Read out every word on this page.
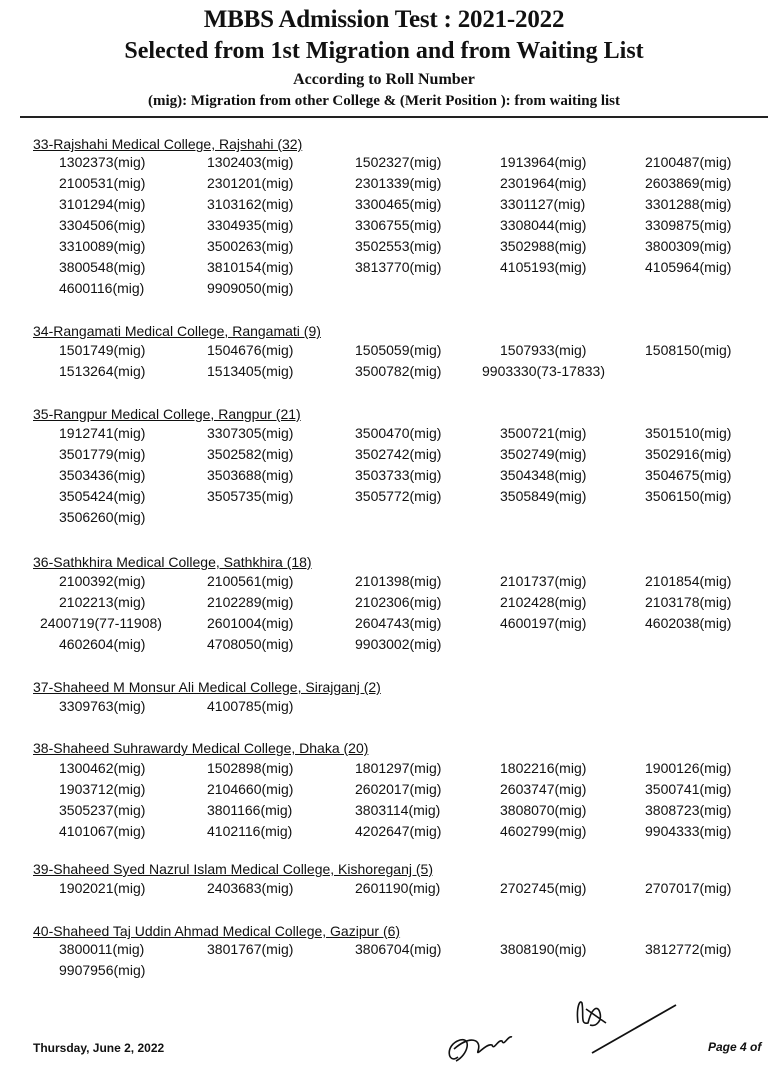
MBBS Admission Test : 2021-2022
Selected from 1st Migration and from Waiting List
According to Roll Number
(mig): Migration from other College & (Merit Position ): from waiting list
33-Rajshahi Medical College, Rajshahi (32)
1302373(mig)	1302403(mig)	1502327(mig)	1913964(mig)	2100487(mig)
2100531(mig)	2301201(mig)	2301339(mig)	2301964(mig)	2603869(mig)
3101294(mig)	3103162(mig)	3300465(mig)	3301127(mig)	3301288(mig)
3304506(mig)	3304935(mig)	3306755(mig)	3308044(mig)	3309875(mig)
3310089(mig)	3500263(mig)	3502553(mig)	3502988(mig)	3800309(mig)
3800548(mig)	3810154(mig)	3813770(mig)	4105193(mig)	4105964(mig)
4600116(mig)	9909050(mig)
34-Rangamati Medical College, Rangamati (9)
1501749(mig)	1504676(mig)	1505059(mig)	1507933(mig)	1508150(mig)
1513264(mig)	1513405(mig)	3500782(mig)	9903330(73-17833)
35-Rangpur Medical College, Rangpur (21)
1912741(mig)	3307305(mig)	3500470(mig)	3500721(mig)	3501510(mig)
3501779(mig)	3502582(mig)	3502742(mig)	3502749(mig)	3502916(mig)
3503436(mig)	3503688(mig)	3503733(mig)	3504348(mig)	3504675(mig)
3505424(mig)	3505735(mig)	3505772(mig)	3505849(mig)	3506150(mig)
3506260(mig)
36-Sathkhira Medical College, Sathkhira (18)
2100392(mig)	2100561(mig)	2101398(mig)	2101737(mig)	2101854(mig)
2102213(mig)	2102289(mig)	2102306(mig)	2102428(mig)	2103178(mig)
2400719(77-11908)	2601004(mig)	2604743(mig)	4600197(mig)	4602038(mig)
4602604(mig)	4708050(mig)	9903002(mig)
37-Shaheed M Monsur Ali Medical College, Sirajganj (2)
3309763(mig)	4100785(mig)
38-Shaheed Suhrawardy Medical College, Dhaka (20)
1300462(mig)	1502898(mig)	1801297(mig)	1802216(mig)	1900126(mig)
1903712(mig)	2104660(mig)	2602017(mig)	2603747(mig)	3500741(mig)
3505237(mig)	3801166(mig)	3803114(mig)	3808070(mig)	3808723(mig)
4101067(mig)	4102116(mig)	4202647(mig)	4602799(mig)	9904333(mig)
39-Shaheed Syed Nazrul Islam Medical College, Kishoreganj (5)
1902021(mig)	2403683(mig)	2601190(mig)	2702745(mig)	2707017(mig)
40-Shaheed Taj Uddin Ahmad Medical College, Gazipur (6)
3800011(mig)	3801767(mig)	3806704(mig)	3808190(mig)	3812772(mig)
9907956(mig)
Thursday, June 2, 2022	Page 4 of
